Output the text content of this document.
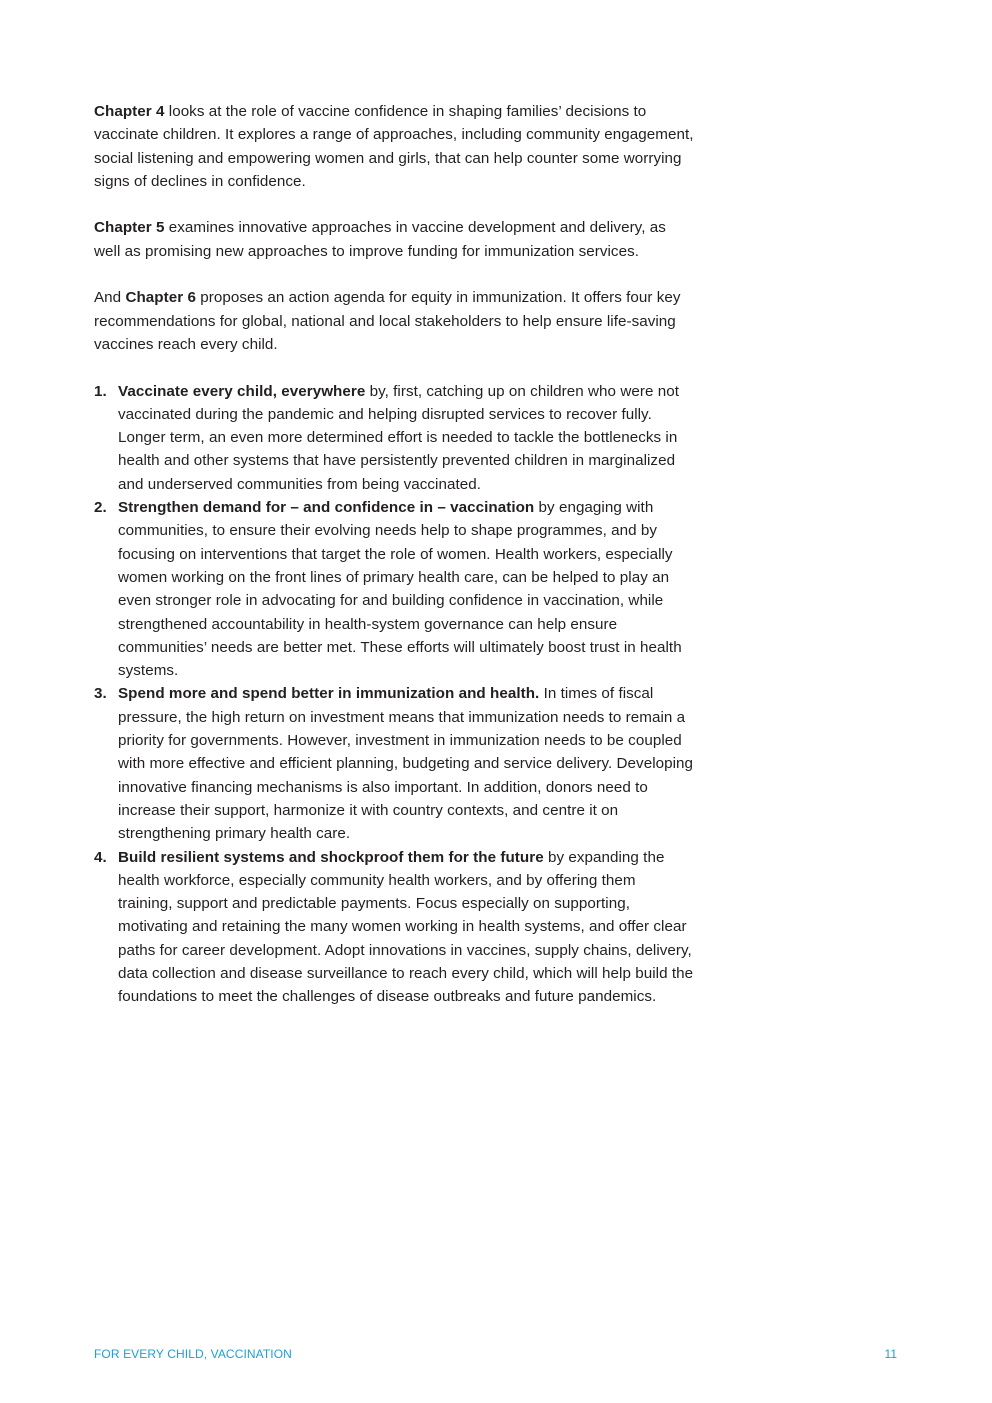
Chapter 4 looks at the role of vaccine confidence in shaping families’ decisions to vaccinate children. It explores a range of approaches, including community engagement, social listening and empowering women and girls, that can help counter some worrying signs of declines in confidence.

Chapter 5 examines innovative approaches in vaccine development and delivery, as well as promising new approaches to improve funding for immunization services.

And Chapter 6 proposes an action agenda for equity in immunization. It offers four key recommendations for global, national and local stakeholders to help ensure life-saving vaccines reach every child.

1. Vaccinate every child, everywhere by, first, catching up on children who were not vaccinated during the pandemic and helping disrupted services to recover fully. Longer term, an even more determined effort is needed to tackle the bottlenecks in health and other systems that have persistently prevented children in marginalized and underserved communities from being vaccinated.
2. Strengthen demand for – and confidence in – vaccination by engaging with communities, to ensure their evolving needs help to shape programmes, and by focusing on interventions that target the role of women. Health workers, especially women working on the front lines of primary health care, can be helped to play an even stronger role in advocating for and building confidence in vaccination, while strengthened accountability in health-system governance can help ensure communities’ needs are better met. These efforts will ultimately boost trust in health systems.
3. Spend more and spend better in immunization and health. In times of fiscal pressure, the high return on investment means that immunization needs to remain a priority for governments. However, investment in immunization needs to be coupled with more effective and efficient planning, budgeting and service delivery. Developing innovative financing mechanisms is also important. In addition, donors need to increase their support, harmonize it with country contexts, and centre it on strengthening primary health care.
4. Build resilient systems and shockproof them for the future by expanding the health workforce, especially community health workers, and by offering them training, support and predictable payments. Focus especially on supporting, motivating and retaining the many women working in health systems, and offer clear paths for career development. Adopt innovations in vaccines, supply chains, delivery, data collection and disease surveillance to reach every child, which will help build the foundations to meet the challenges of disease outbreaks and future pandemics.
FOR EVERY CHILD, VACCINATION	11
